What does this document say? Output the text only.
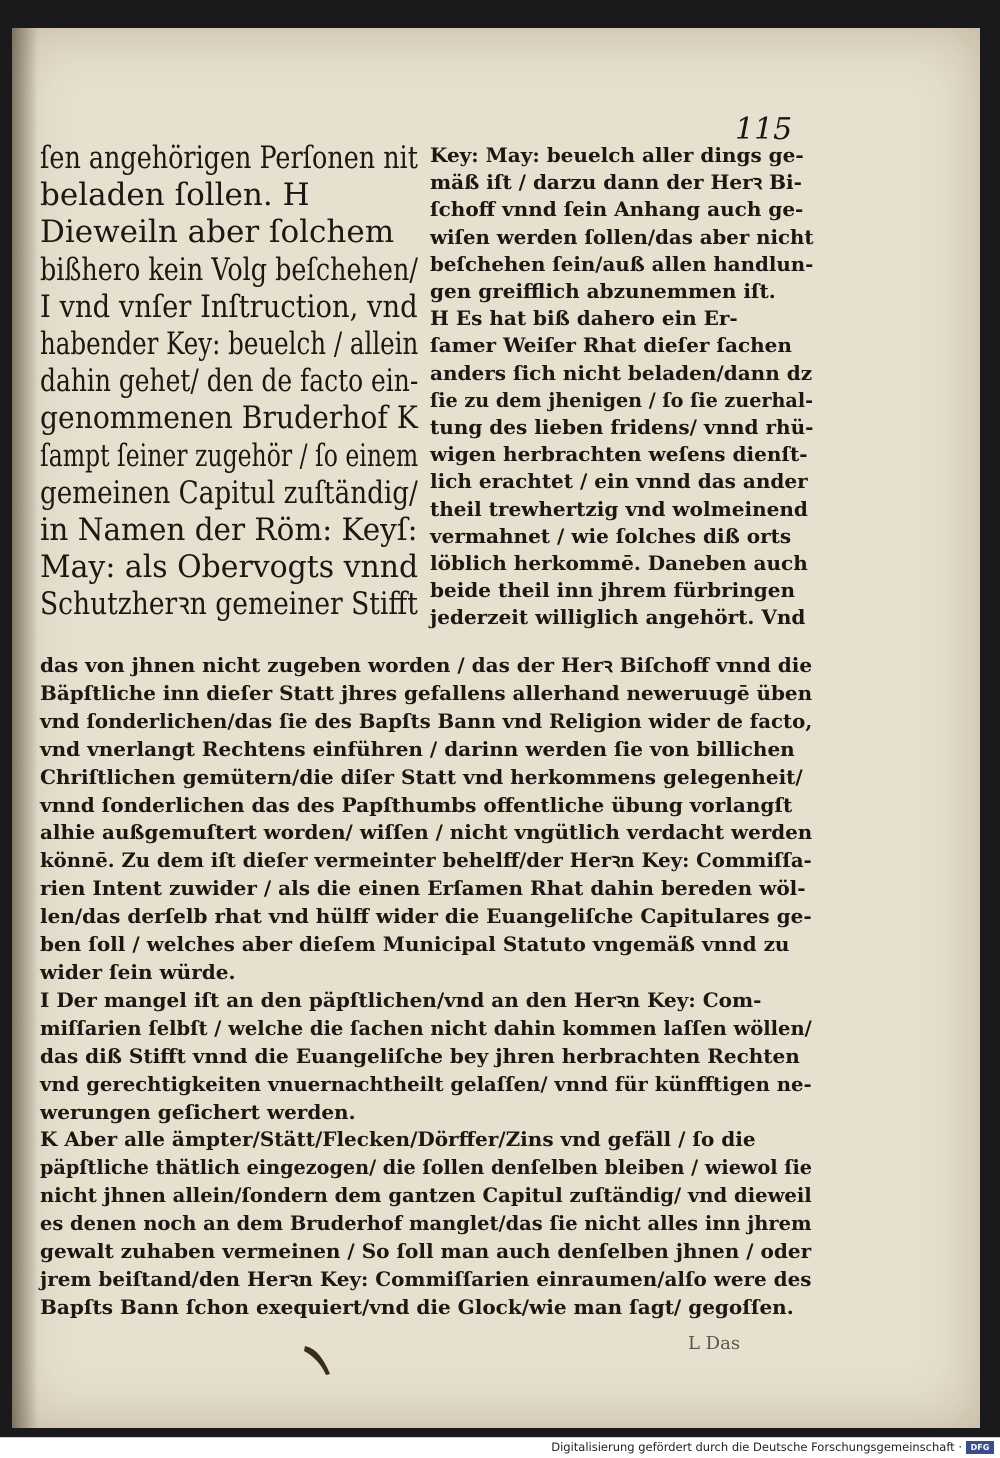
115
ſen angehörigen Perſonen nit
beladen ſollen. H
Dieweiln aber ſolchem
bißhero kein Volg beſchehen/
I vnd vnſer Inſtruction, vnd
habender Key: beuelch / allein
dahin gehet/ den de facto ein-
genommenen Bruderhof K
ſampt ſeiner zugehör / ſo einem
gemeinen Capitul zuſtändig/
in Namen der Röm: Keyſ:
May: als Obervogts vnnd
Schutzherꝛn gemeiner Stifft
Key: May: beuelch aller dings ge-
mäß iſt / darzu dann der Herꝛ Bi-
ſchoff vnnd ſein Anhang auch ge-
wiſen werden ſollen/das aber nicht
beſchehen ſein/auß allen handlun-
gen greifflich abzunemmen iſt.
H Es hat biß dahero ein Er-
ſamer Weiſer Rhat dieſer ſachen
anders ſich nicht beladen/dann dz
ſie zu dem jhenigen / ſo ſie zuerhal-
tung des lieben fridens/ vnnd rhü-
wigen herbrachten weſens dienſt-
lich erachtet / ein vnnd das ander
theil trewhertzig vnd wolmeinend
vermahnet / wie ſolches diß orts
löblich herkommē. Daneben auch
beide theil inn jhrem fürbringen
jederzeit williglich angehört. Vnd
das von jhnen nicht zugeben worden / das der Herꝛ Biſchoff vnnd die
Bäpſtliche inn dieſer Statt jhres gefallens allerhand neweruugē üben
vnd ſonderlichen/das ſie des Bapſts Bann vnd Religion wider de facto,
vnd vnerlangt Rechtens einführen / darinn werden ſie von billichen
Chriſtlichen gemütern/die diſer Statt vnd herkommens gelegenheit/
vnnd ſonderlichen das des Papſthumbs offentliche übung vorlangſt
alhie außgemuſtert worden/ wiſſen / nicht vngütlich verdacht werden
könnē. Zu dem iſt dieſer vermeinter behelff/der Herꝛn Key: Commiſſa-
rien Intent zuwider / als die einen Erſamen Rhat dahin bereden wöl-
len/das derſelb rhat vnd hülff wider die Euangeliſche Capitulares ge-
ben ſoll / welches aber dieſem Municipal Statuto vngemäß vnnd zu
wider ſein würde.
I Der mangel iſt an den päpſtlichen/vnd an den Herꝛn Key: Com-
miſſarien ſelbſt / welche die ſachen nicht dahin kommen laſſen wöllen/
das diß Stifft vnnd die Euangeliſche bey jhren herbrachten Rechten
vnd gerechtigkeiten vnuernachtheilt gelaſſen/ vnnd für künfftigen ne-
werungen geſichert werden.
K Aber alle ämpter/Stätt/Flecken/Dörffer/Zins vnd gefäll / ſo die
päpſtliche thätlich eingezogen/ die ſollen denſelben bleiben / wiewol ſie
nicht jhnen allein/ſondern dem gantzen Capitul zuſtändig/ vnd dieweil
es denen noch an dem Bruderhof manglet/das ſie nicht alles inn jhrem
gewalt zuhaben vermeinen / So ſoll man auch denſelben jhnen / oder
jrem beiſtand/den Herꝛn Key: Commiſſarien einraumen/alſo were des
Bapſts Bann ſchon exequiert/vnd die Glock/wie man ſagt/ gegoſſen.
L Das
Digitalisierung gefördert durch die Deutsche Forschungsgemeinschaft ·	DFG
